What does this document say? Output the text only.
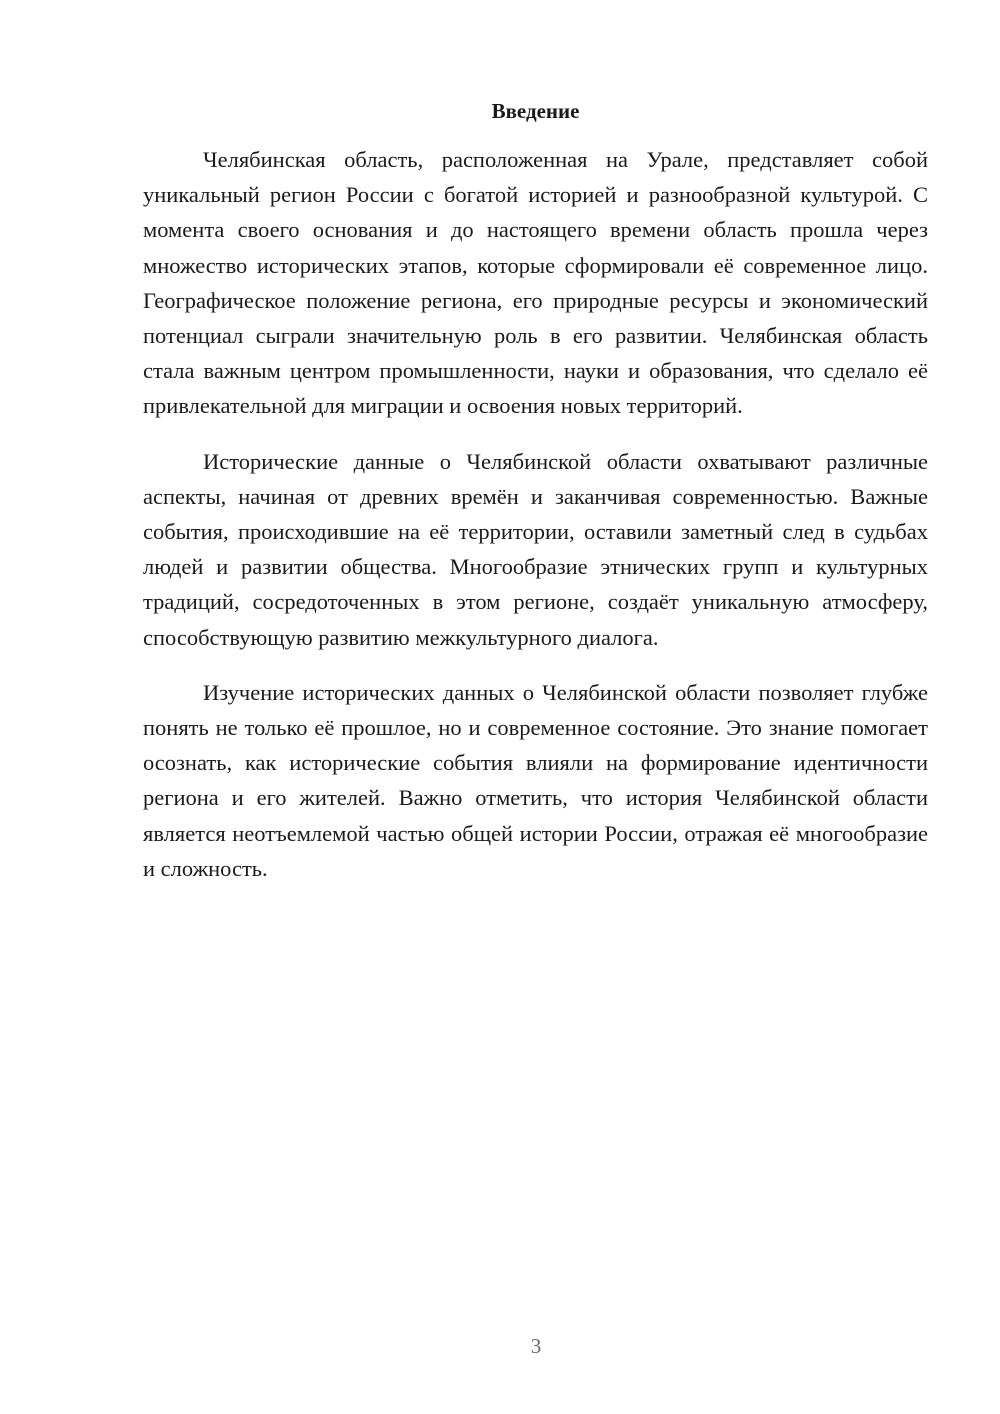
Введение

Челябинская область, расположенная на Урале, представляет собой уникальный регион России с богатой историей и разнообразной культурой. С момента своего основания и до настоящего времени область прошла через множество исторических этапов, которые сформировали её современное лицо. Географическое положение региона, его природные ресурсы и экономический потенциал сыграли значительную роль в его развитии. Челябинская область стала важным центром промышленности, науки и образования, что сделало её привлекательной для миграции и освоения новых территорий.

Исторические данные о Челябинской области охватывают различные аспекты, начиная от древних времён и заканчивая современностью. Важные события, происходившие на её территории, оставили заметный след в судьбах людей и развитии общества. Многообразие этнических групп и культурных традиций, сосредоточенных в этом регионе, создаёт уникальную атмосферу, способствующую развитию межкультурного диалога.

Изучение исторических данных о Челябинской области позволяет глубже понять не только её прошлое, но и современное состояние. Это знание помогает осознать, как исторические события влияли на формирование идентичности региона и его жителей. Важно отметить, что история Челябинской области является неотъемлемой частью общей истории России, отражая её многообразие и сложность.

3
